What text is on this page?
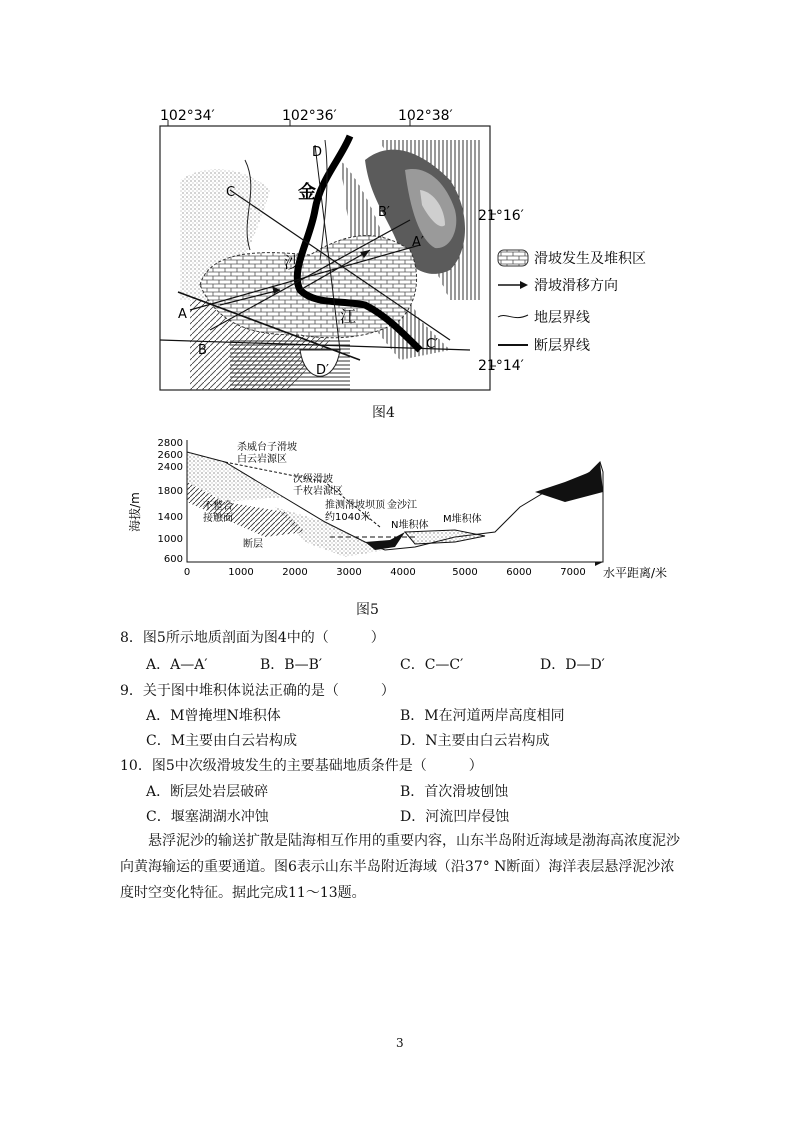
102°34′	102°36′	102°38′
21°16′
21°14′
金
沙
江
A
A′
B
B′
C
C′
D
D′
滑坡发生及堆积区
滑坡滑移方向
地层界线
断层界线
图4
海拔/m
2800
2600
2400
1800
1400
1000
600
0	1000	2000	3000	4000	5000	6000	7000 水平距离/米
杀威台子滑坡
白云岩源区
次级滑坡
千枚岩源区
推测滑坡坝顶
约1040米
金沙江
N堆积体
M堆积体
不整合
接触面
断层
图5
8．图5所示地质剖面为图4中的（　　　）
A．A—A′	B．B—B′	C．C—C′	D．D—D′
9．关于图中堆积体说法正确的是（　　　）
A．M曾掩埋N堆积体	B．M在河道两岸高度相同
C．M主要由白云岩构成	D．N主要由白云岩构成
10．图5中次级滑坡发生的主要基础地质条件是（　　　）
A．断层处岩层破碎	B．首次滑坡刨蚀
C．堰塞湖湖水冲蚀	D．河流凹岸侵蚀
悬浮泥沙的输送扩散是陆海相互作用的重要内容，山东半岛附近海域是渤海高浓度泥沙
向黄海输运的重要通道。图6表示山东半岛附近海域（沿37° N断面）海洋表层悬浮泥沙浓
度时空变化特征。据此完成11～13题。
3
